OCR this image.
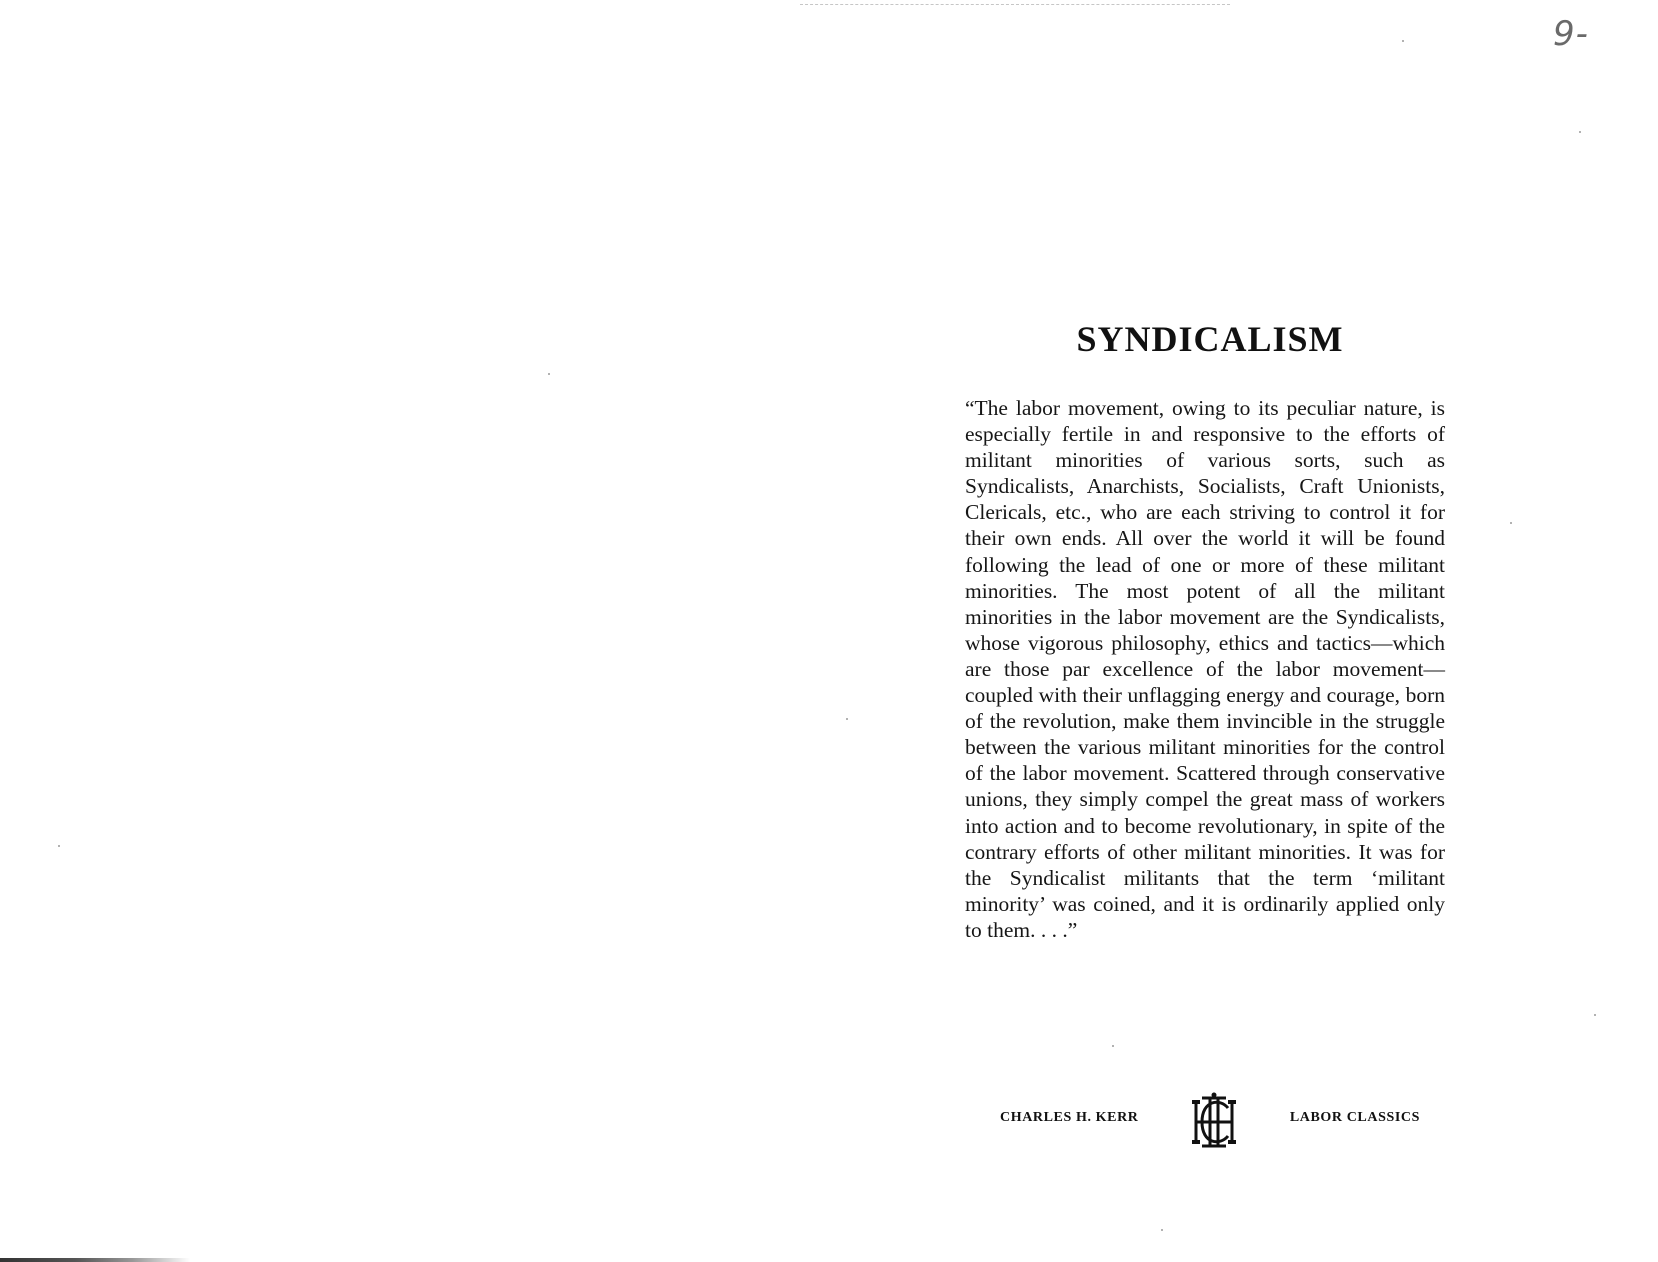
9-
SYNDICALISM

“The labor movement, owing to its peculiar nature, is especially fertile in and responsive to the efforts of militant minorities of various sorts, such as Syndicalists, Anarchists, Socialists, Craft Unionists, Clericals, etc., who are each striving to control it for their own ends. All over the world it will be found following the lead of one or more of these militant minorities. The most potent of all the militant minorities in the labor movement are the Syndicalists, whose vigorous philosophy, ethics and tactics—which are those par excellence of the labor movement—coupled with their unflagging energy and courage, born of the revolution, make them invincible in the struggle between the various militant minorities for the control of the labor movement. Scattered through conservative unions, they simply compel the great mass of workers into action and to become revolutionary, in spite of the contrary efforts of other militant minorities. It was for the Syndicalist militants that the term ‘militant minority’ was coined, and it is ordinarily applied only to them. . . .”

CHARLES H. KERR	LABOR CLASSICS
